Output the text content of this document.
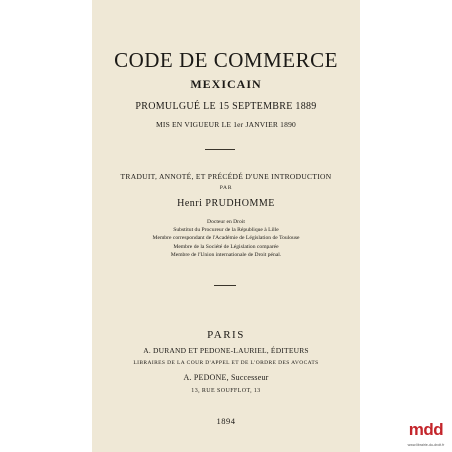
CODE DE COMMERCE
MEXICAIN
PROMULGUÉ LE 15 SEPTEMBRE 1889
MIS EN VIGUEUR LE 1er JANVIER 1890
TRADUIT, ANNOTÉ, ET PRÉCÉDÉ D'UNE INTRODUCTION
PAR
Henri PRUDHOMME
Docteur en Droit
Substitut du Procureur de la République à Lille
Membre correspondant de l'Académie de Législation de Toulouse
Membre de la Société de Législation comparée
Membre de l'Union internationale de Droit pénal.
PARIS
A. DURAND ET PEDONE-LAURIEL, ÉDITEURS
LIBRAIRES DE LA COUR D'APPEL ET DE L'ORDRE DES AVOCATS
A. PEDONE, Successeur
13, RUE SOUFFLOT, 13
1894	mdd
www.librairie-du-droit.fr
